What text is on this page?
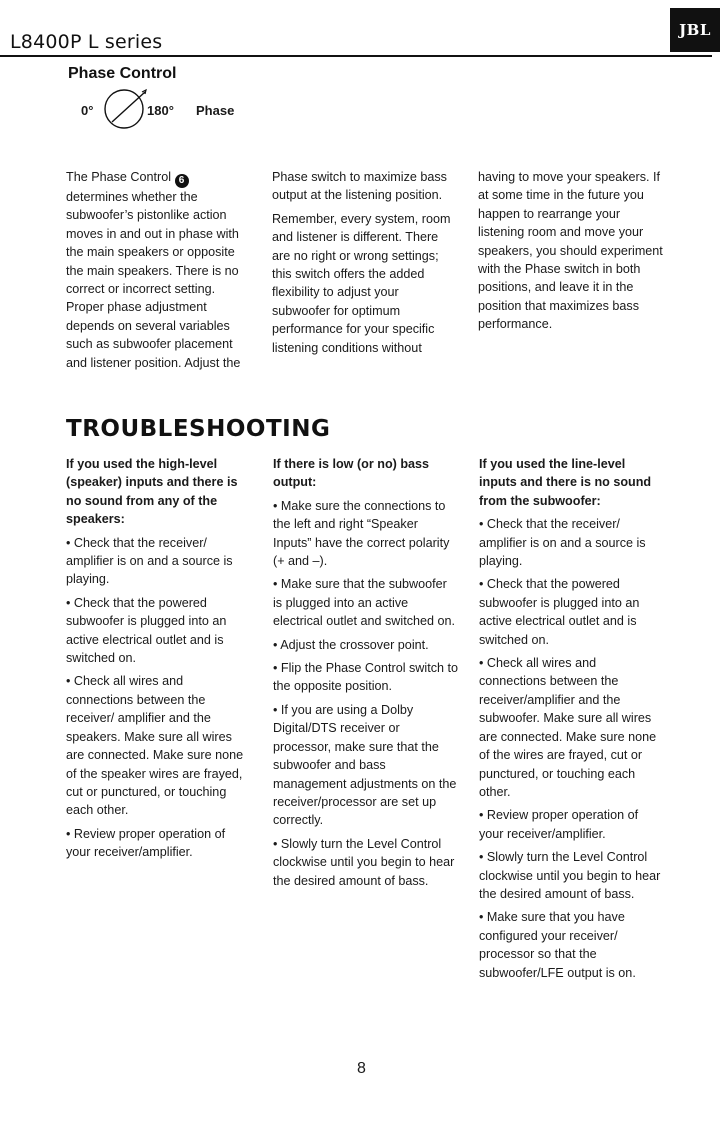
L8400P L series
JBL
Phase Control
0°	180° Phase

The Phase Control 6 determines whether the subwoofer’s pistonlike action moves in and out in phase with the main speakers or opposite the main speakers. There is no correct or incorrect setting. Proper phase adjustment depends on several variables such as subwoofer placement and listener position. Adjust the

Phase switch to maximize bass output at the listening position.

Remember, every system, room and listener is different. There are no right or wrong settings; this switch offers the added flexibility to adjust your subwoofer for optimum performance for your specific listening conditions without

having to move your speakers. If at some time in the future you happen to rearrange your listening room and move your speakers, you should experiment with the Phase switch in both positions, and leave it in the position that maximizes bass performance.

TROUBLESHOOTING

If you used the high-level (speaker) inputs and there is no sound from any of the speakers:

• Check that the receiver/ amplifier is on and a source is playing.

• Check that the powered subwoofer is plugged into an active electrical outlet and is switched on.

• Check all wires and connections between the receiver/ amplifier and the speakers. Make sure all wires are connected. Make sure none of the speaker wires are frayed, cut or punctured, or touching each other.

• Review proper operation of your receiver/amplifier.

If there is low (or no) bass output:

• Make sure the connections to the left and right “Speaker Inputs” have the correct polarity (+ and –).

• Make sure that the subwoofer is plugged into an active electrical outlet and switched on.

• Adjust the crossover point.

• Flip the Phase Control switch to the opposite position.

• If you are using a Dolby Digital/DTS receiver or processor, make sure that the subwoofer and bass management adjustments on the receiver/processor are set up correctly.

• Slowly turn the Level Control clockwise until you begin to hear the desired amount of bass.

If you used the line-level inputs and there is no sound from the subwoofer:

• Check that the receiver/ amplifier is on and a source is playing.

• Check that the powered subwoofer is plugged into an active electrical outlet and is switched on.

• Check all wires and connections between the receiver/amplifier and the subwoofer. Make sure all wires are connected. Make sure none of the wires are frayed, cut or punctured, or touching each other.

• Review proper operation of your receiver/amplifier.

• Slowly turn the Level Control clockwise until you begin to hear the desired amount of bass.

• Make sure that you have configured your receiver/ processor so that the subwoofer/LFE output is on.

8
